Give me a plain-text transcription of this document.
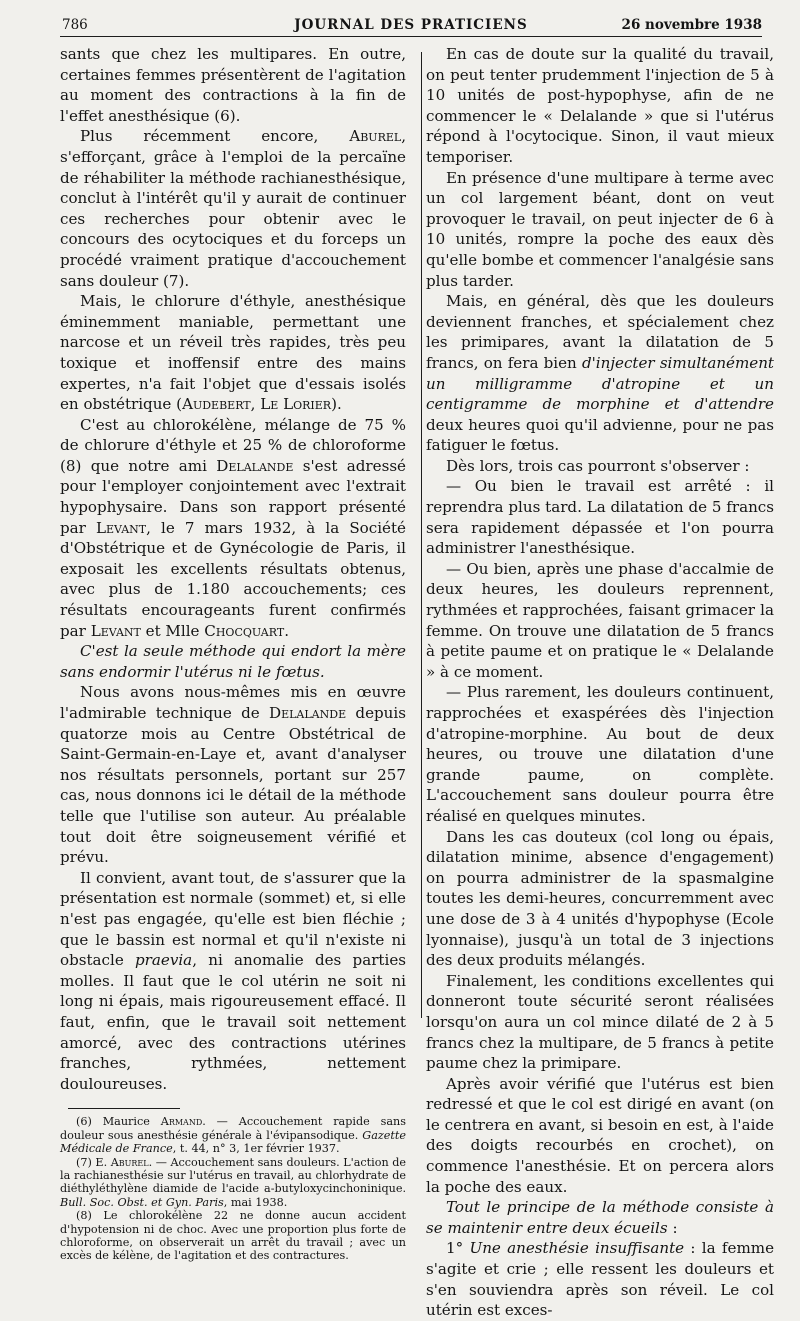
786	JOURNAL DES PRATICIENS	26 novembre 1938

sants que chez les multipares. En outre, certaines femmes présentèrent de l'agitation au moment des contractions à la fin de l'effet anesthésique (6).

Plus récemment encore, Aburel, s'efforçant, grâce à l'emploi de la percaïne de réhabiliter la méthode rachianesthésique, conclut à l'intérêt qu'il y aurait de continuer ces recherches pour obtenir avec le concours des ocytociques et du forceps un procédé vraiment pratique d'accouchement sans douleur (7).

Mais, le chlorure d'éthyle, anesthésique éminemment maniable, permettant une narcose et un réveil très rapides, très peu toxique et inoffensif entre des mains expertes, n'a fait l'objet que d'essais isolés en obstétrique (Audebert, Le Lorier).

C'est au chlorokélène, mélange de 75 % de chlorure d'éthyle et 25 % de chloroforme (8) que notre ami Delalande s'est adressé pour l'employer conjointement avec l'extrait hypophysaire. Dans son rapport présenté par Levant, le 7 mars 1932, à la Société d'Obstétrique et de Gynécologie de Paris, il exposait les excellents résultats obtenus, avec plus de 1.180 accouchements; ces résultats encourageants furent confirmés par Levant et Mlle Chocquart.

C'est la seule méthode qui endort la mère sans endormir l'utérus ni le fœtus.

Nous avons nous-mêmes mis en œuvre l'admirable technique de Delalande depuis quatorze mois au Centre Obstétrical de Saint-Germain-en-Laye et, avant d'analyser nos résultats personnels, portant sur 257 cas, nous donnons ici le détail de la méthode telle que l'utilise son auteur. Au préalable tout doit être soigneusement vérifié et prévu.

Il convient, avant tout, de s'assurer que la présentation est normale (sommet) et, si elle n'est pas engagée, qu'elle est bien fléchie ; que le bassin est normal et qu'il n'existe ni obstacle praevia, ni anomalie des parties molles. Il faut que le col utérin ne soit ni long ni épais, mais rigoureusement effacé. Il faut, enfin, que le travail soit nettement amorcé, avec des contractions utérines franches, rythmées, nettement douloureuses.

(6) Maurice Armand. — Accouchement rapide sans douleur sous anesthésie générale à l'évipansodique. Gazette Médicale de France, t. 44, n° 3, 1er février 1937.

(7) E. Aburel. — Accouchement sans douleurs. L'action de la rachianesthésie sur l'utérus en travail, au chlorhydrate de diéthyléthylène diamide de l'acide a-butyloxycinchoninique. Bull. Soc. Obst. et Gyn. Paris, mai 1938.

(8) Le chlorokélène 22 ne donne aucun accident d'hypotension ni de choc. Avec une proportion plus forte de chloroforme, on observerait un arrêt du travail ; avec un excès de kélène, de l'agitation et des contractures.

En cas de doute sur la qualité du travail, on peut tenter prudemment l'injection de 5 à 10 unités de post-hypophyse, afin de ne commencer le « Delalande » que si l'utérus répond à l'ocytocique. Sinon, il vaut mieux temporiser.

En présence d'une multipare à terme avec un col largement béant, dont on veut provoquer le travail, on peut injecter de 6 à 10 unités, rompre la poche des eaux dès qu'elle bombe et commencer l'analgésie sans plus tarder.

Mais, en général, dès que les douleurs deviennent franches, et spécialement chez les primipares, avant la dilatation de 5 francs, on fera bien d'injecter simultanément un milligramme d'atropine et un centigramme de morphine et d'attendre deux heures quoi qu'il advienne, pour ne pas fatiguer le fœtus.

Dès lors, trois cas pourront s'observer :

— Ou bien le travail est arrêté : il reprendra plus tard. La dilatation de 5 francs sera rapidement dépassée et l'on pourra administrer l'anesthésique.

— Ou bien, après une phase d'accalmie de deux heures, les douleurs reprennent, rythmées et rapprochées, faisant grimacer la femme. On trouve une dilatation de 5 francs à petite paume et on pratique le « Delalande » à ce moment.

— Plus rarement, les douleurs continuent, rapprochées et exaspérées dès l'injection d'atropine-morphine. Au bout de deux heures, ou trouve une dilatation d'une grande paume, on complète. L'accouchement sans douleur pourra être réalisé en quelques minutes.

Dans les cas douteux (col long ou épais, dilatation minime, absence d'engagement) on pourra administrer de la spasmalgine toutes les demi-heures, concurremment avec une dose de 3 à 4 unités d'hypophyse (Ecole lyonnaise), jusqu'à un total de 3 injections des deux produits mélangés.

Finalement, les conditions excellentes qui donneront toute sécurité seront réalisées lorsqu'on aura un col mince dilaté de 2 à 5 francs chez la multipare, de 5 francs à petite paume chez la primipare.

Après avoir vérifié que l'utérus est bien redressé et que le col est dirigé en avant (on le centrera en avant, si besoin en est, à l'aide des doigts recourbés en crochet), on commence l'anesthésie. Et on percera alors la poche des eaux.

Tout le principe de la méthode consiste à se maintenir entre deux écueils :

1° Une anesthésie insuffisante : la femme s'agite et crie ; elle ressent les douleurs et s'en souviendra après son réveil. Le col utérin est exces-
